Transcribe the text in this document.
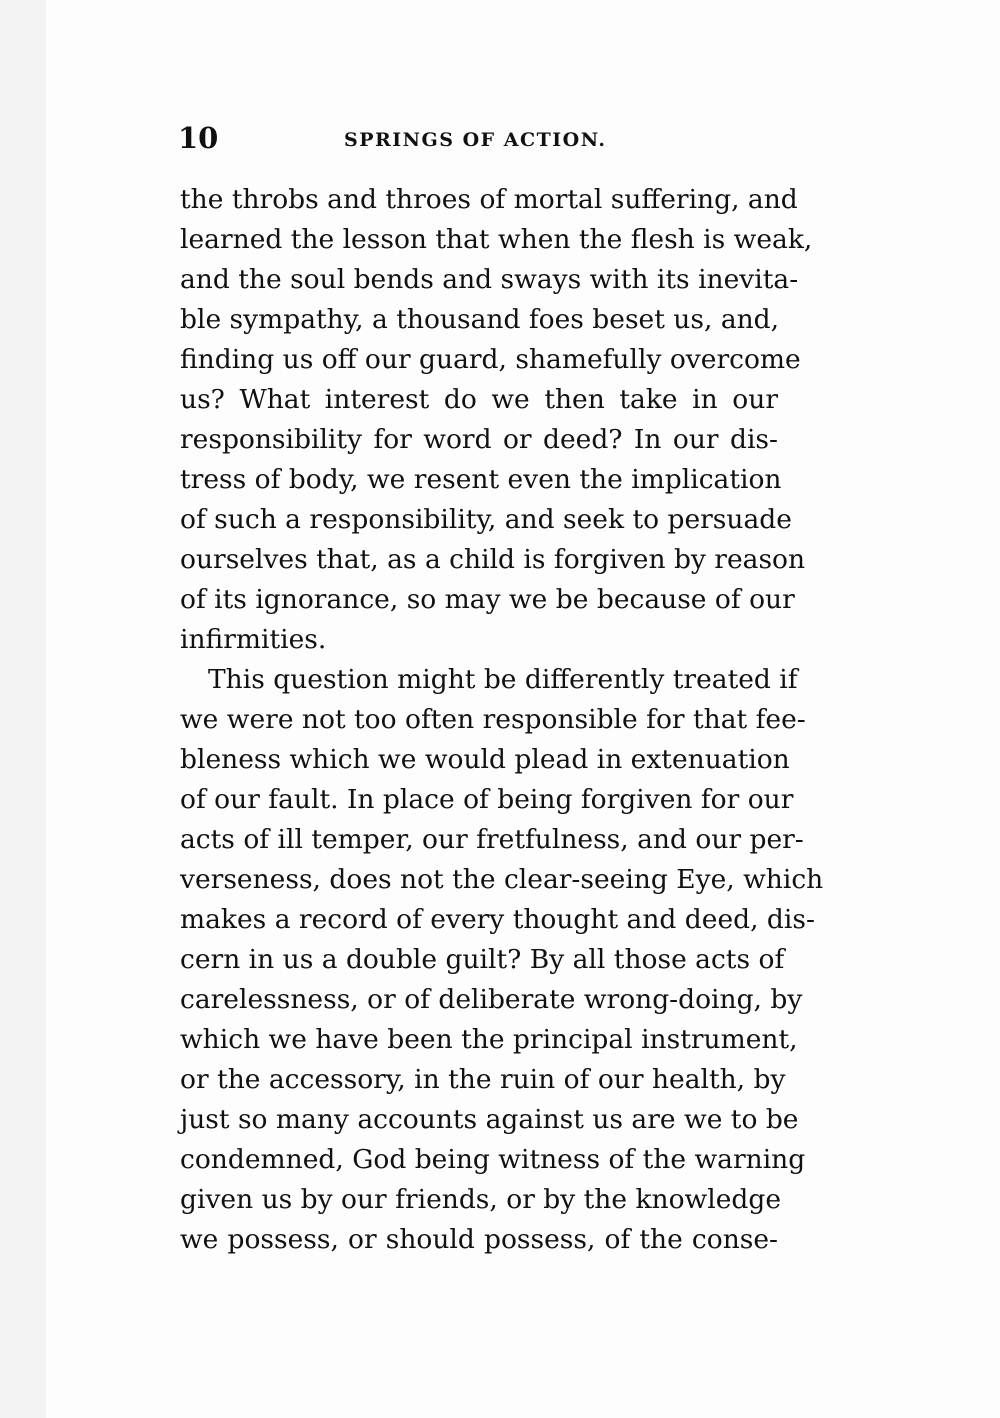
10	SPRINGS OF ACTION.
the throbs and throes of mortal suffering, and
learned the lesson that when the flesh is weak,
and the soul bends and sways with its inevita-
ble sympathy, a thousand foes beset us, and,
finding us off our guard, shamefully overcome
us? What interest do we then take in our
responsibility for word or deed? In our dis-
tress of body, we resent even the implication
of such a responsibility, and seek to persuade
ourselves that, as a child is forgiven by reason
of its ignorance, so may we be because of our
infirmities.
This question might be differently treated if
we were not too often responsible for that fee-
bleness which we would plead in extenuation
of our fault. In place of being forgiven for our
acts of ill temper, our fretfulness, and our per-
verseness, does not the clear-seeing Eye, which
makes a record of every thought and deed, dis-
cern in us a double guilt? By all those acts of
carelessness, or of deliberate wrong-doing, by
which we have been the principal instrument,
or the accessory, in the ruin of our health, by
just so many accounts against us are we to be
condemned, God being witness of the warning
given us by our friends, or by the knowledge
we possess, or should possess, of the conse-
